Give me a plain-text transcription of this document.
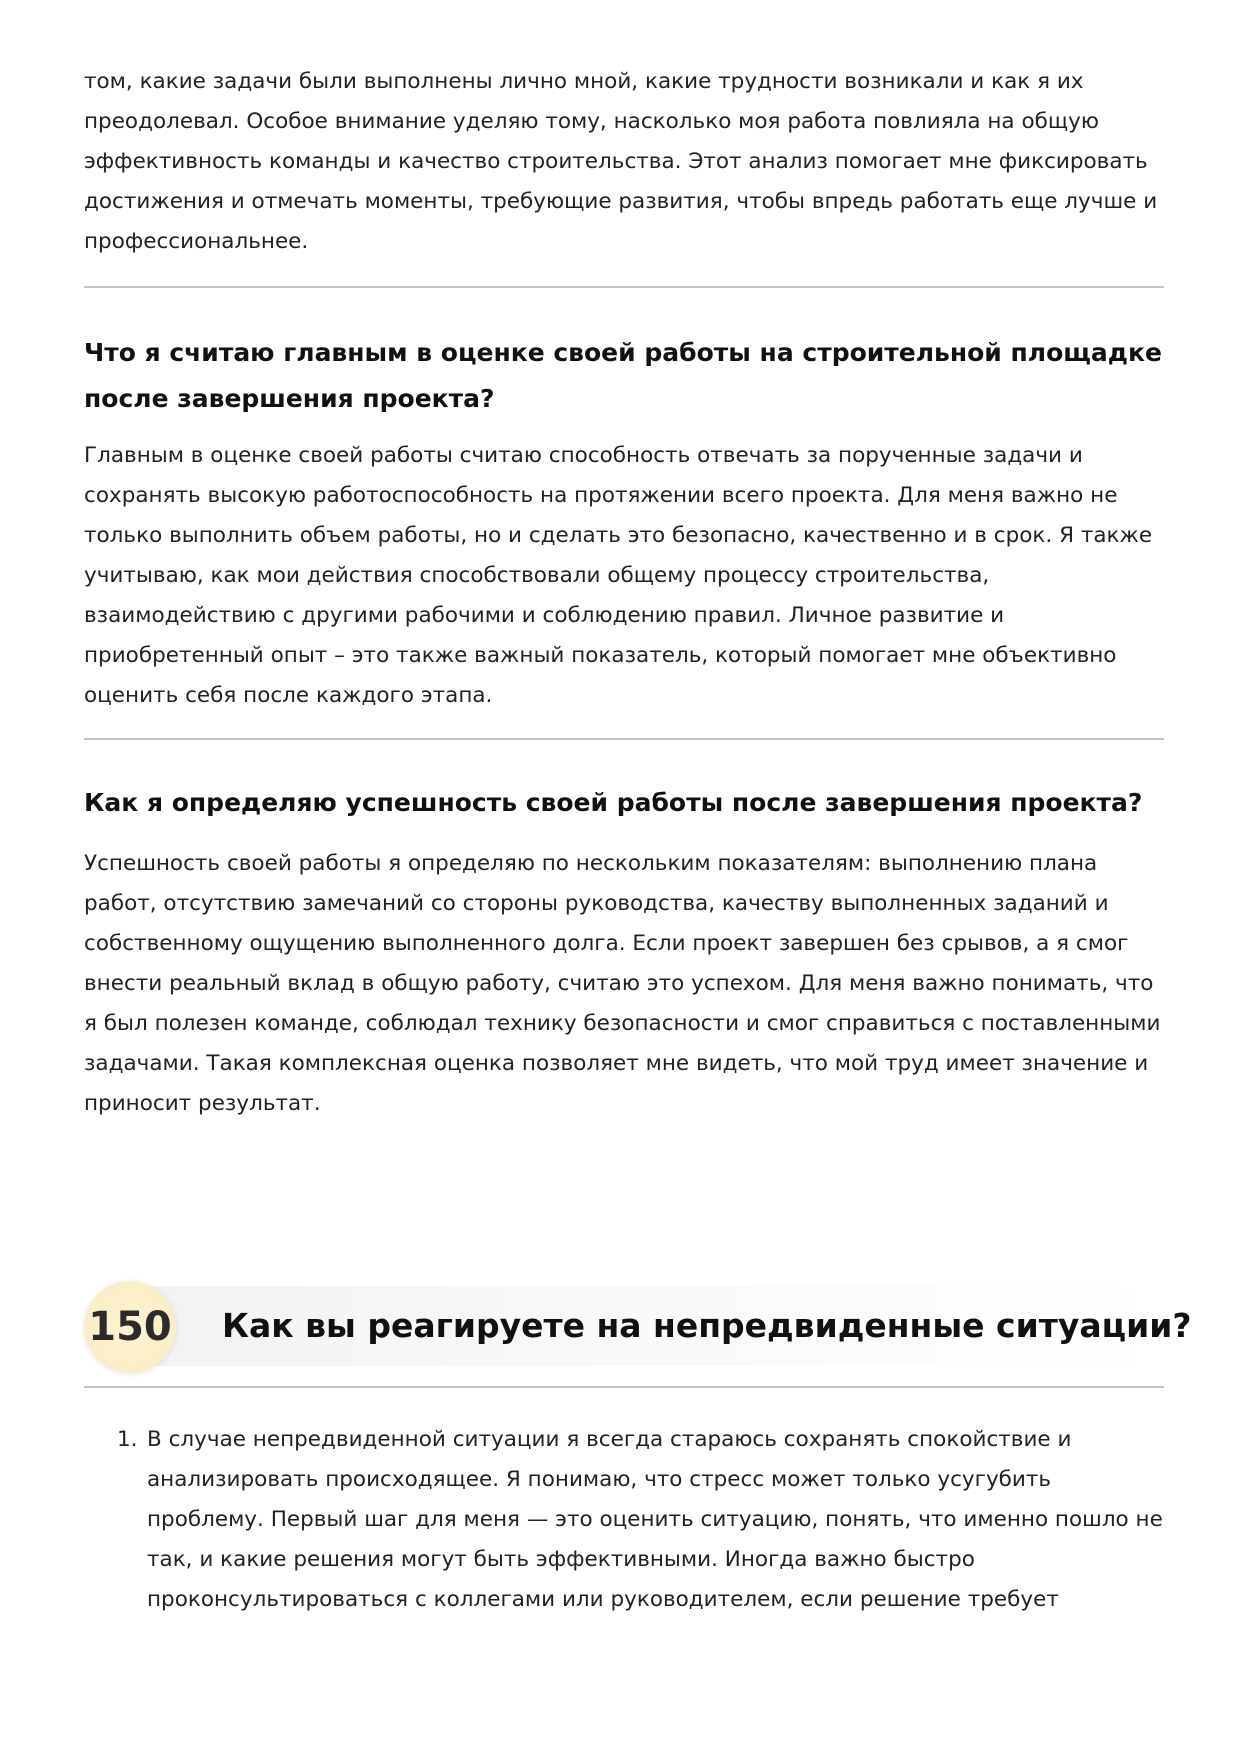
том, какие задачи были выполнены лично мной, какие трудности возникали и как я их преодолевал. Особое внимание уделяю тому, насколько моя работа повлияла на общую эффективность команды и качество строительства. Этот анализ помогает мне фиксировать достижения и отмечать моменты, требующие развития, чтобы впредь работать еще лучше и профессиональнее.

Что я считаю главным в оценке своей работы на строительной площадке после завершения проекта?

Главным в оценке своей работы считаю способность отвечать за порученные задачи и сохранять высокую работоспособность на протяжении всего проекта. Для меня важно не только выполнить объем работы, но и сделать это безопасно, качественно и в срок. Я также учитываю, как мои действия способствовали общему процессу строительства, взаимодействию с другими рабочими и соблюдению правил. Личное развитие и приобретенный опыт – это также важный показатель, который помогает мне объективно оценить себя после каждого этапа.

Как я определяю успешность своей работы после завершения проекта?

Успешность своей работы я определяю по нескольким показателям: выполнению плана работ, отсутствию замечаний со стороны руководства, качеству выполненных заданий и собственному ощущению выполненного долга. Если проект завершен без срывов, а я смог внести реальный вклад в общую работу, считаю это успехом. Для меня важно понимать, что я был полезен команде, соблюдал технику безопасности и смог справиться с поставленными задачами. Такая комплексная оценка позволяет мне видеть, что мой труд имеет значение и приносит результат.

150 Как вы реагируете на непредвиденные ситуации?
1. В случае непредвиденной ситуации я всегда стараюсь сохранять спокойствие и анализировать происходящее. Я понимаю, что стресс может только усугубить проблему. Первый шаг для меня — это оценить ситуацию, понять, что именно пошло не так, и какие решения могут быть эффективными. Иногда важно быстро проконсультироваться с коллегами или руководителем, если решение требует
